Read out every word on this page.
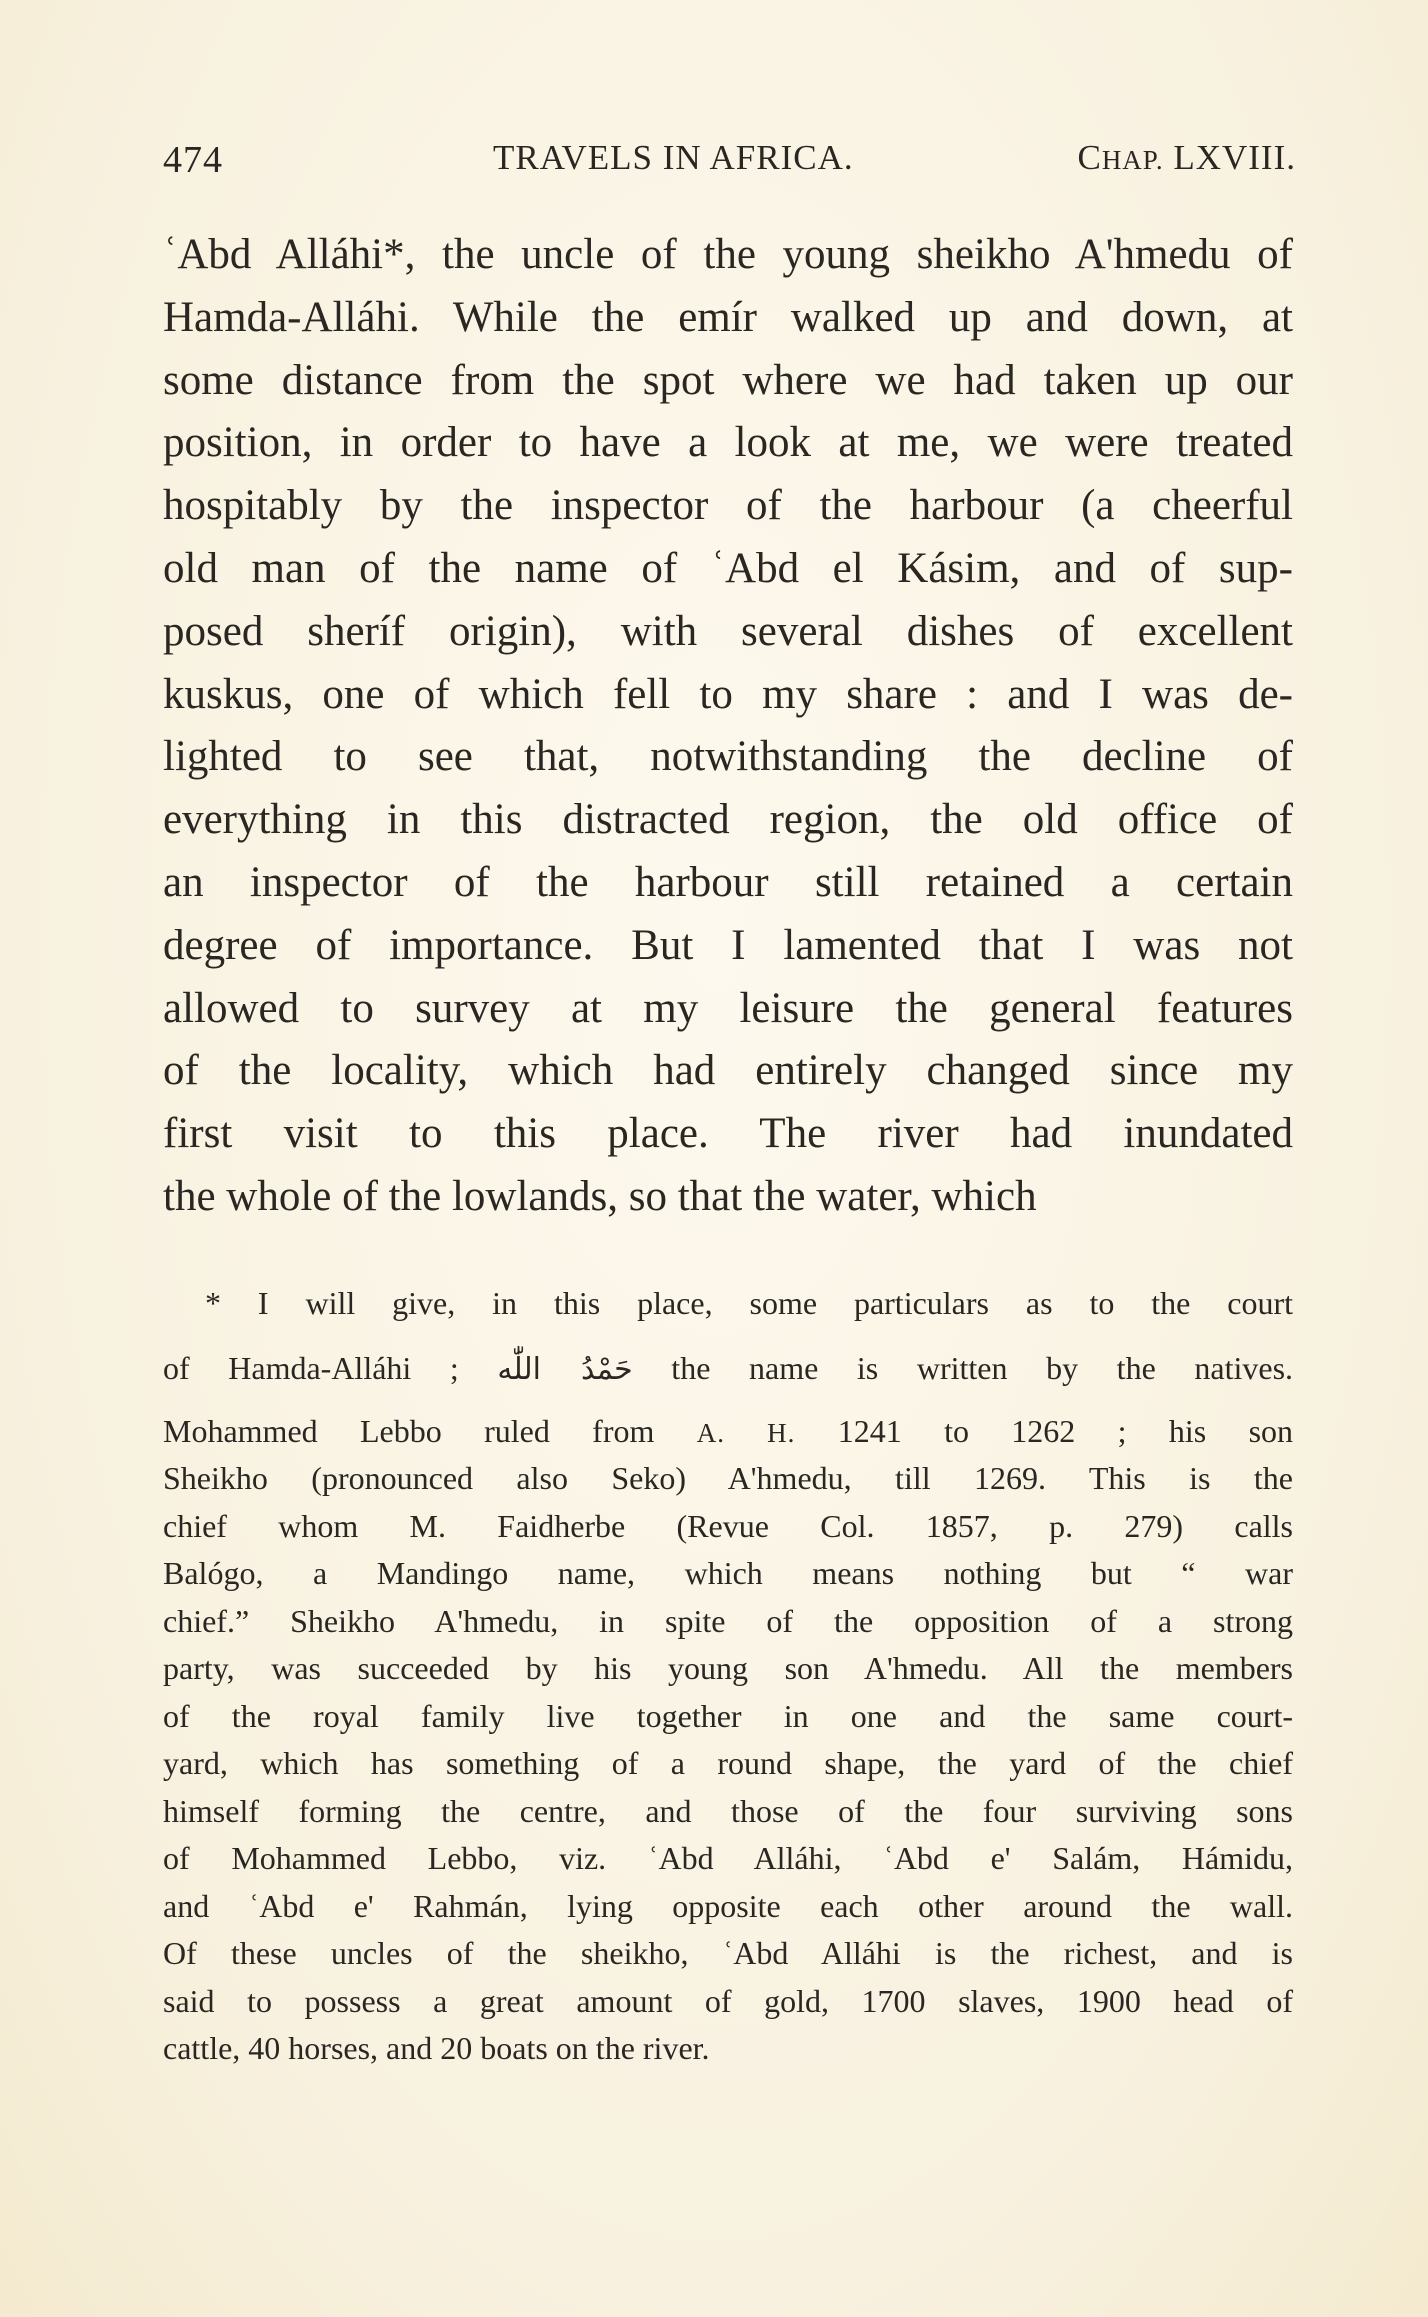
474	TRAVELS IN AFRICA.	CHAP. LXVIII.
ʿAbd Alláhi*, the uncle of the young sheikho A'hmedu of
Hamda-Alláhi. While the emír walked up and down, at
some distance from the spot where we had taken up our
position, in order to have a look at me, we were treated
hospitably by the inspector of the harbour (a cheerful
old man of the name of ʿAbd el Kásim, and of sup-
posed sheríf origin), with several dishes of excellent
kuskus, one of which fell to my share : and I was de-
lighted to see that, notwithstanding the decline of
everything in this distracted region, the old office of
an inspector of the harbour still retained a certain
degree of importance. But I lamented that I was not
allowed to survey at my leisure the general features
of the locality, which had entirely changed since my
first visit to this place. The river had inundated
the whole of the lowlands, so that the water, which
* I will give, in this place, some particulars as to the court
of Hamda-Alláhi ; حَمْدُ اللّٰه the name is written by the natives.
Mohammed Lebbo ruled from A. H. 1241 to 1262 ; his son
Sheikho (pronounced also Seko) A'hmedu, till 1269. This is the
chief whom M. Faidherbe (Revue Col. 1857, p. 279) calls
Balógo, a Mandingo name, which means nothing but “ war
chief.” Sheikho A'hmedu, in spite of the opposition of a strong
party, was succeeded by his young son A'hmedu. All the members
of the royal family live together in one and the same court-
yard, which has something of a round shape, the yard of the chief
himself forming the centre, and those of the four surviving sons
of Mohammed Lebbo, viz. ʿAbd Alláhi, ʿAbd e' Salám, Hámidu,
and ʿAbd e' Rahmán, lying opposite each other around the wall.
Of these uncles of the sheikho, ʿAbd Alláhi is the richest, and is
said to possess a great amount of gold, 1700 slaves, 1900 head of
cattle, 40 horses, and 20 boats on the river.
